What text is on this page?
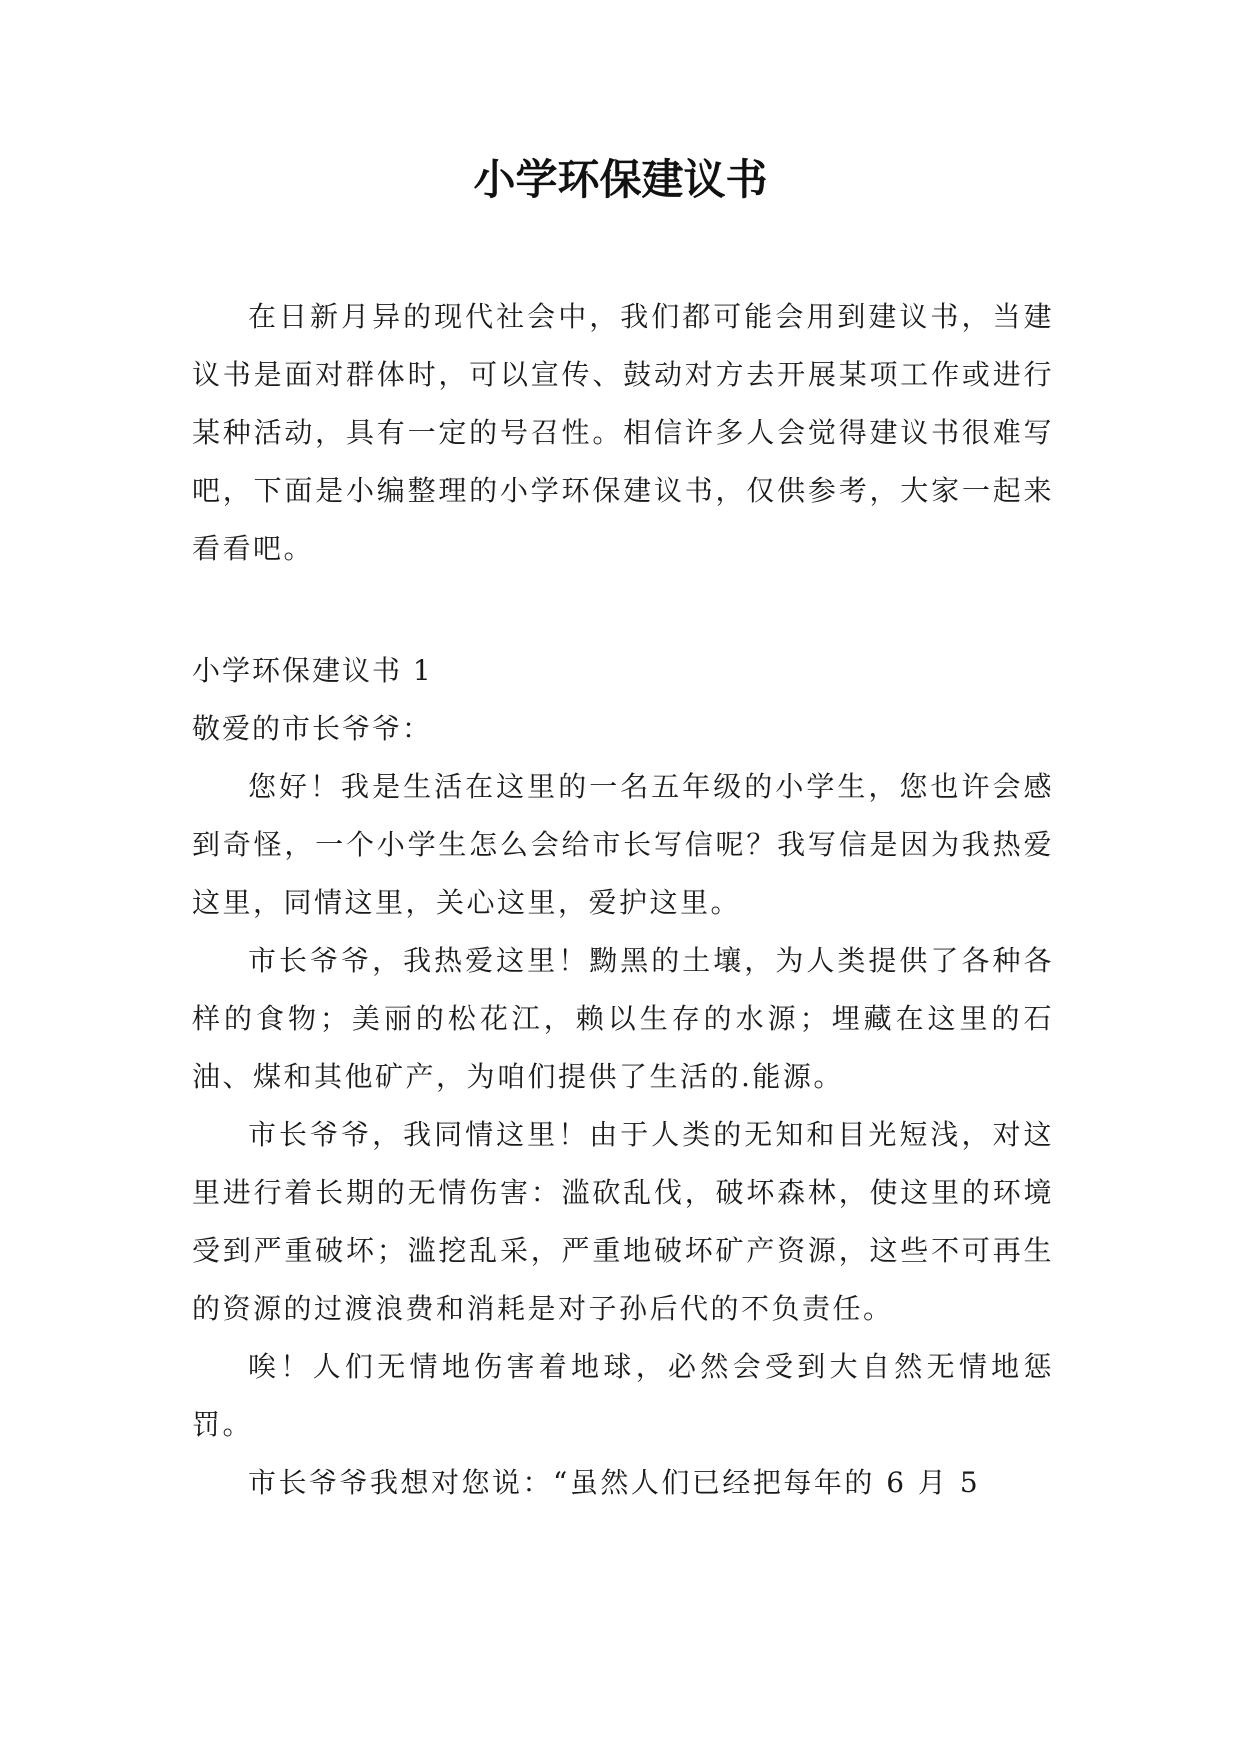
小学环保建议书

在日新月异的现代社会中，我们都可能会用到建议书，当建议书是面对群体时，可以宣传、鼓动对方去开展某项工作或进行某种活动，具有一定的号召性。相信许多人会觉得建议书很难写吧，下面是小编整理的小学环保建议书，仅供参考，大家一起来看看吧。

小学环保建议书 1

敬爱的市长爷爷：

您好！我是生活在这里的一名五年级的小学生，您也许会感到奇怪，一个小学生怎么会给市长写信呢？我写信是因为我热爱这里，同情这里，关心这里，爱护这里。

市长爷爷，我热爱这里！黝黑的土壤，为人类提供了各种各样的食物；美丽的松花江，赖以生存的水源；埋藏在这里的石油、煤和其他矿产，为咱们提供了生活的.能源。

市长爷爷，我同情这里！由于人类的无知和目光短浅，对这里进行着长期的无情伤害：滥砍乱伐，破坏森林，使这里的环境受到严重破坏；滥挖乱采，严重地破坏矿产资源，这些不可再生的资源的过渡浪费和消耗是对子孙后代的不负责任。

唉！人们无情地伤害着地球，必然会受到大自然无情地惩罚。

市长爷爷我想对您说：“虽然人们已经把每年的 6 月 5
